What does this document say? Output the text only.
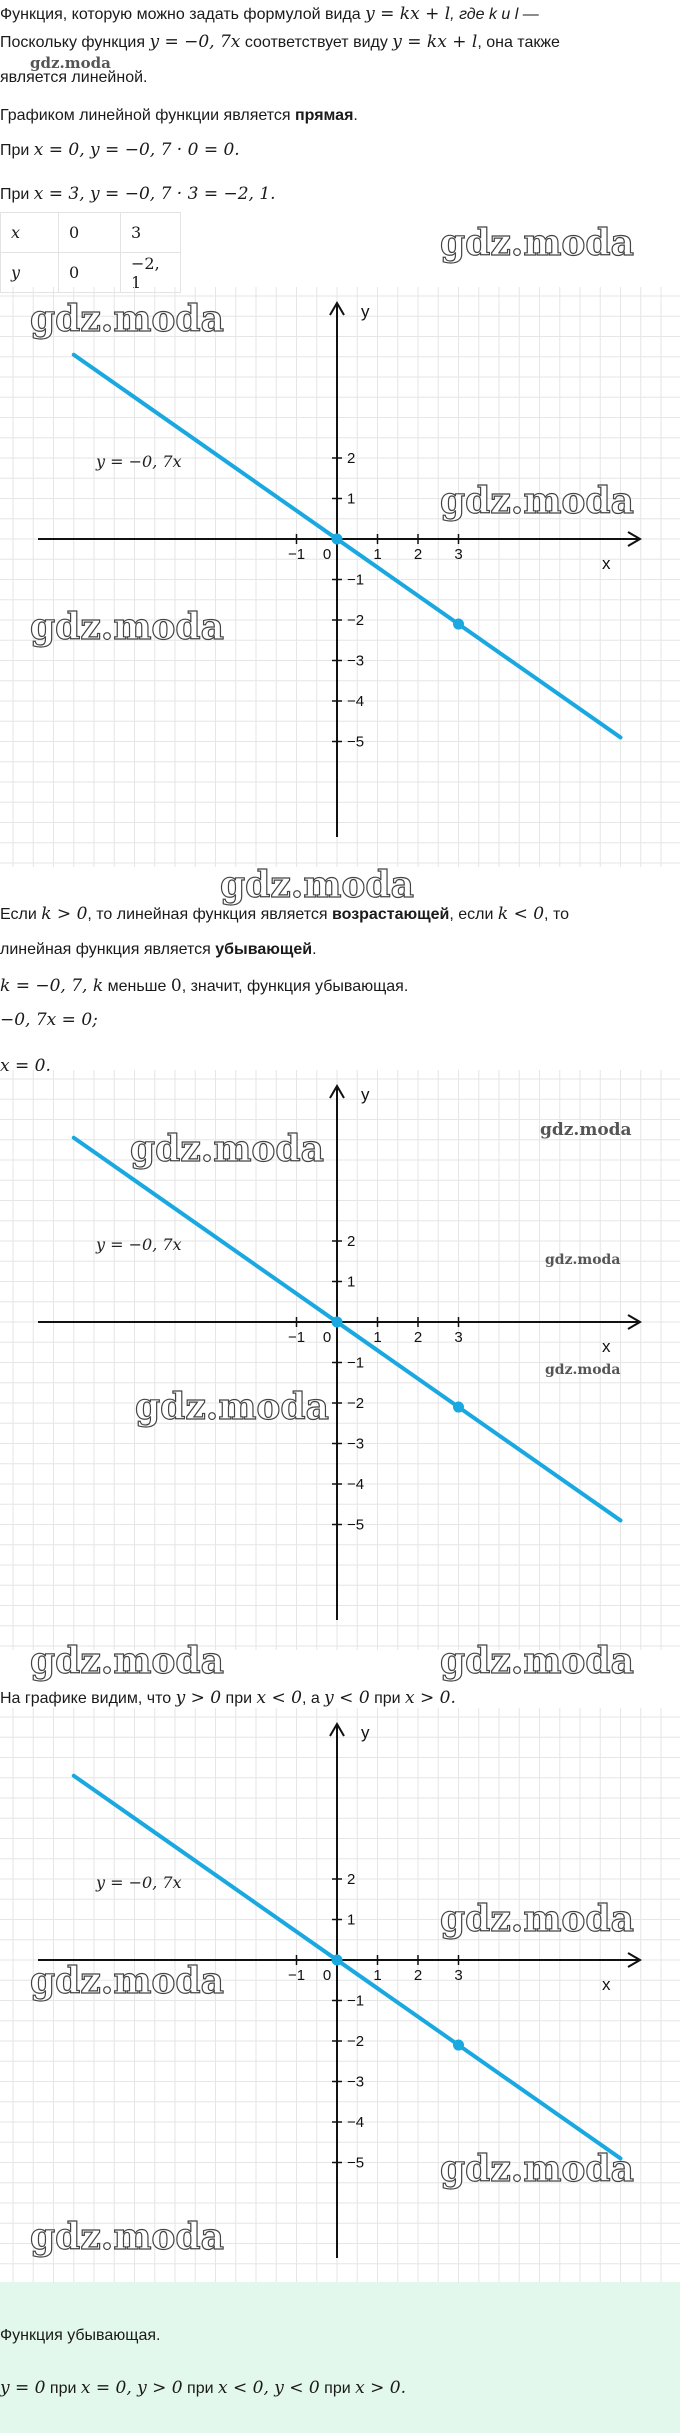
Функция, которую можно задать формулой вида y = kx + l, где k и l —
Поскольку функция y = −0, 7x соответствует виду y = kx + l, она также
является линейной.
gdz.moda
Графиком линейной функции является прямая.
При x = 0, y = −0, 7 · 0 = 0.
При x = 3, y = −0, 7 · 3 = −2, 1.
x	0	3
y	0	−2, 1
gdz.moda
−1 0	1 2 3
2
1
−1
−2
−3
−4
−5
x
y
y = −0, 7x
gdz.moda
gdz.moda
gdz.moda
gdz.moda
Если k > 0, то линейная функция является возрастающей, если k < 0, то
линейная функция является убывающей.
k = −0, 7, k меньше 0, значит, функция убывающая.
−0, 7x = 0;
x = 0.
−1 0	1 2 3
2
1
−1
−2
−3
−4
−5
x
y
y = −0, 7x
gdz.moda	gdz.moda
gdz.moda
gdz.moda
gdz.moda
gdz.moda	gdz.moda
На графике видим, что y > 0 при x < 0, а y < 0 при x > 0.
−1 0	1 2 3
2
1
−1
−2
−3
−4
−5
x
y
y = −0, 7x
gdz.moda
gdz.moda
gdz.moda
gdz.moda
Функция убывающая.
y = 0 при x = 0, y > 0 при x < 0, y < 0 при x > 0.
